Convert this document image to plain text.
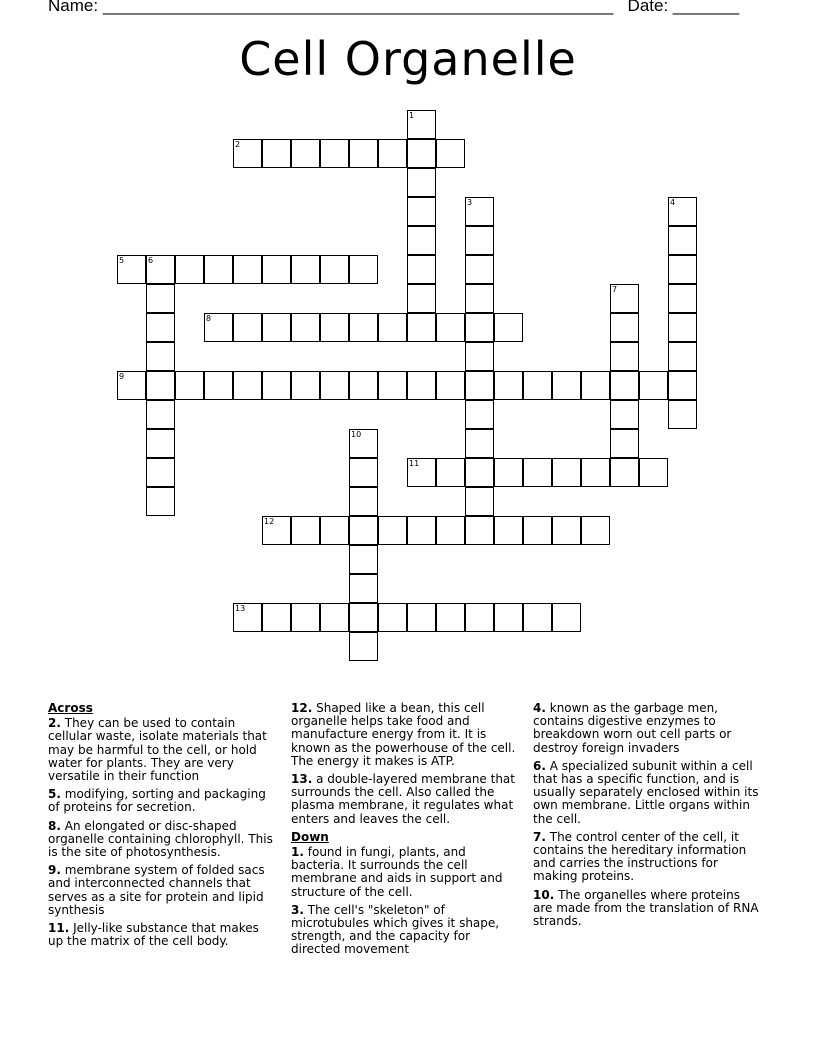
Name: ______________________________________________________ Date: _______
Cell Organelle
1
2
3	4
5	6
7
8
9
10
11
12
13
Across
2. They can be used to contain cellular waste, isolate materials that may be harmful to the cell, or hold water for plants. They are very versatile in their function
5. modifying, sorting and packaging of proteins for secretion.
8. An elongated or disc-shaped organelle containing chlorophyll. This is the site of photosynthesis.
9. membrane system of folded sacs and interconnected channels that serves as a site for protein and lipid synthesis
11. Jelly-like substance that makes up the matrix of the cell body.
12. Shaped like a bean, this cell organelle helps take food and manufacture energy from it. It is known as the powerhouse of the cell. The energy it makes is ATP.
13. a double-layered membrane that surrounds the cell. Also called the plasma membrane, it regulates what enters and leaves the cell.
Down
1. found in fungi, plants, and bacteria. It surrounds the cell membrane and aids in support and structure of the cell.
3. The cell's "skeleton" of microtubules which gives it shape, strength, and the capacity for directed movement
4. known as the garbage men, contains digestive enzymes to breakdown worn out cell parts or destroy foreign invaders
6. A specialized subunit within a cell that has a specific function, and is usually separately enclosed within its own membrane. Little organs within the cell.
7. The control center of the cell, it contains the hereditary information and carries the instructions for making proteins.
10. The organelles where proteins are made from the translation of RNA strands.
